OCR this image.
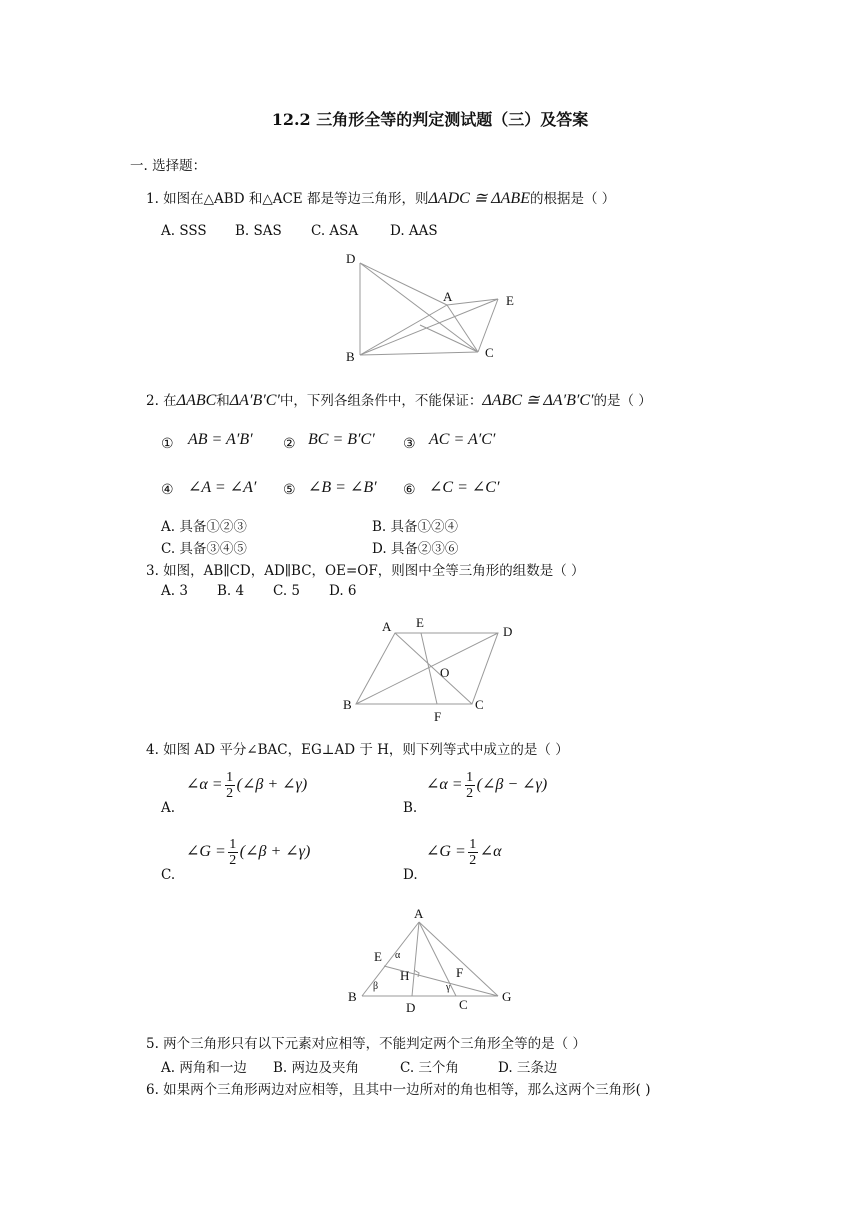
12.2 三角形全等的判定测试题（三）及答案
一. 选择题：
1. 如图在△ABD 和△ACE 都是等边三角形，则ΔADC ≅ ΔABE的根据是（ ）
A. SSS B. SAS C. ASA D. AAS
D
A	E
B	C
2. 在ΔABC和ΔA′B′C′中，下列各组条件中，不能保证：ΔABC ≅ ΔA′B′C′的是（ ）
① AB = A′B′ ② BC = B′C′ ③ AC = A′C′
④ ∠A = ∠A′ ⑤ ∠B = ∠B′ ⑥ ∠C = ∠C′
A. 具备①②③	B. 具备①②④
C. 具备③④⑤	D. 具备②③⑥
3. 如图，AB∥CD，AD∥BC，OE=OF，则图中全等三角形的组数是（ ）
A. 3 B. 4 C. 5 D. 6
A E
D
O
B
F
C
4. 如图 AD 平分∠BAC，EG⊥AD 于 H，则下列等式中成立的是（ ）
A.
∠α = $\frac{1}{2}$ (∠β + ∠γ)
B.
∠α = $\frac{1}{2}$ (∠β − ∠γ)
C.
∠G = $\frac{1}{2}$ (∠β + ∠γ)
D.
∠G = $\frac{1}{2}$ ∠α
A
E α
H	F
B
β	γ
G
D	C
5. 两个三角形只有以下元素对应相等，不能判定两个三角形全等的是（ ）
A. 两角和一边 B. 两边及夹角	C. 三个角	D. 三条边
6. 如果两个三角形两边对应相等，且其中一边所对的角也相等，那么这两个三角形( )
